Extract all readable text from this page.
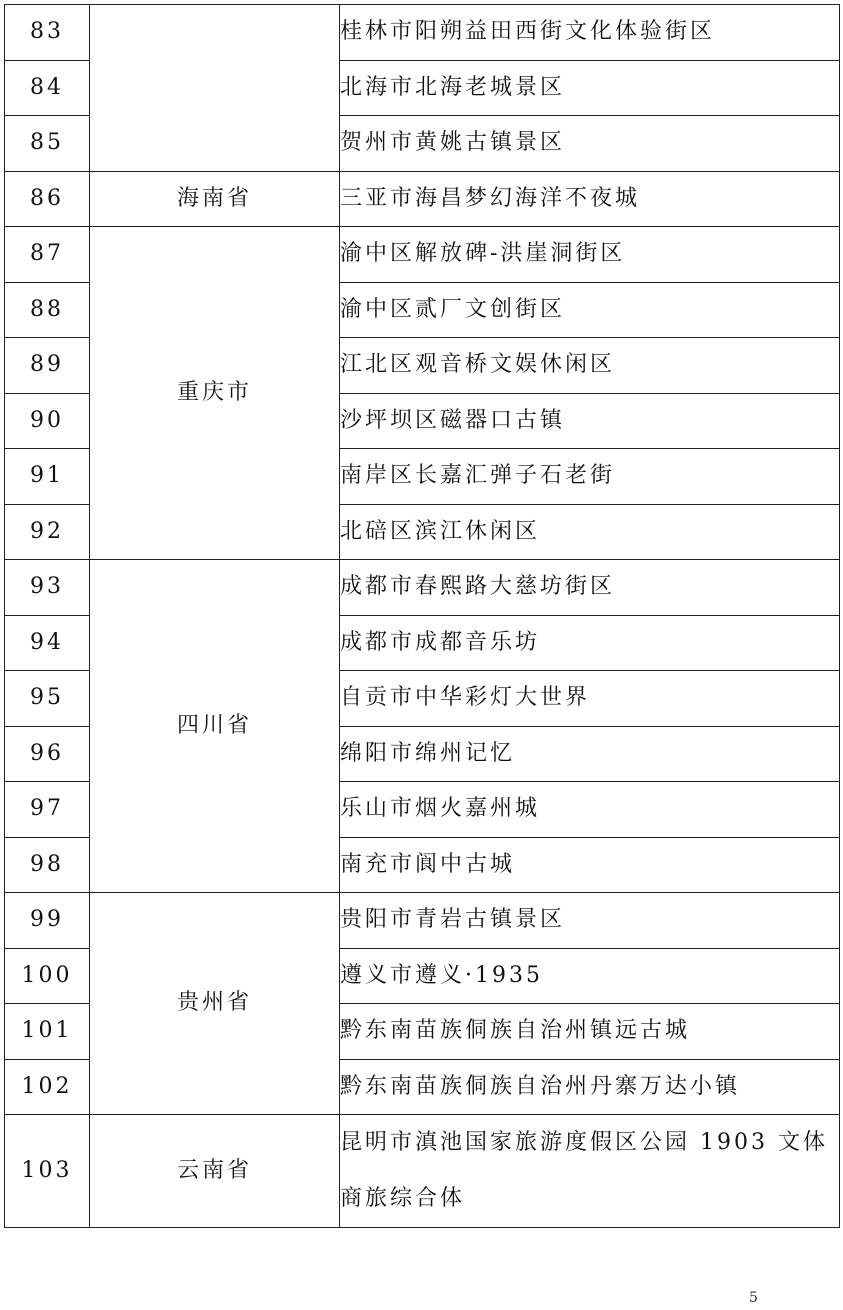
83		桂林市阳朔益田西街文化体验街区
84		北海市北海老城景区
85		贺州市黄姚古镇景区
86	海南省	三亚市海昌梦幻海洋不夜城
87	重庆市	渝中区解放碑-洪崖洞街区
88		渝中区贰厂文创街区
89		江北区观音桥文娱休闲区
90		沙坪坝区磁器口古镇
91		南岸区长嘉汇弹子石老街
92		北碚区滨江休闲区
93	四川省	成都市春熙路大慈坊街区
94		成都市成都音乐坊
95		自贡市中华彩灯大世界
96		绵阳市绵州记忆
97		乐山市烟火嘉州城
98		南充市阆中古城
99	贵州省	贵阳市青岩古镇景区
100		遵义市遵义·1935
101		黔东南苗族侗族自治州镇远古城
102		黔东南苗族侗族自治州丹寨万达小镇
103	云南省	昆明市滇池国家旅游度假区公园 1903 文体商旅综合体
5
